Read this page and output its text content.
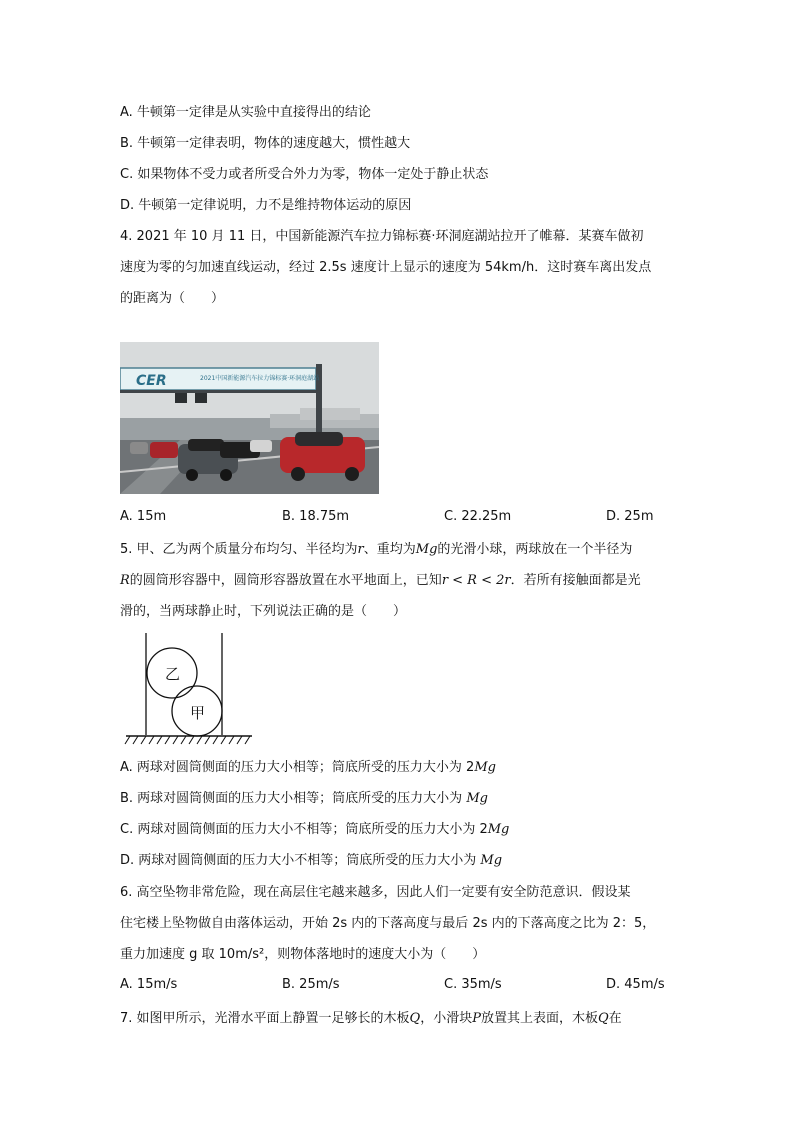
A. 牛顿第一定律是从实验中直接得出的结论
B. 牛顿第一定律表明，物体的速度越大，惯性越大
C. 如果物体不受力或者所受合外力为零，物体一定处于静止状态
D. 牛顿第一定律说明，力不是维持物体运动的原因
4. 2021 年 10 月 11 日，中国新能源汽车拉力锦标赛·环洞庭湖站拉开了帷幕．某赛车做初
速度为零的匀加速直线运动，经过 2.5s 速度计上显示的速度为 54km/h．这时赛车离出发点
的距离为（　　）
CER	2021中国新能源汽车拉力锦标赛·环洞庭湖站
A. 15m	B. 18.75m	C. 22.25m	D. 25m
5. 甲、乙为两个质量分布均匀、半径均为r、重均为Mg的光滑小球，两球放在一个半径为
R的圆筒形容器中，圆筒形容器放置在水平地面上，已知r < R < 2r．若所有接触面都是光
滑的，当两球静止时，下列说法正确的是（　　）
乙
甲
A. 两球对圆筒侧面的压力大小相等；筒底所受的压力大小为 2Mg
B. 两球对圆筒侧面的压力大小相等；筒底所受的压力大小为 Mg
C. 两球对圆筒侧面的压力大小不相等；筒底所受的压力大小为 2Mg
D. 两球对圆筒侧面的压力大小不相等；筒底所受的压力大小为 Mg
6. 高空坠物非常危险，现在高层住宅越来越多，因此人们一定要有安全防范意识．假设某
住宅楼上坠物做自由落体运动，开始 2s 内的下落高度与最后 2s 内的下落高度之比为 2：5，
重力加速度 g 取 10m/s²，则物体落地时的速度大小为（　　）
A. 15m/s	B. 25m/s	C. 35m/s	D. 45m/s
7. 如图甲所示，光滑水平面上静置一足够长的木板Q，小滑块P放置其上表面，木板Q在
